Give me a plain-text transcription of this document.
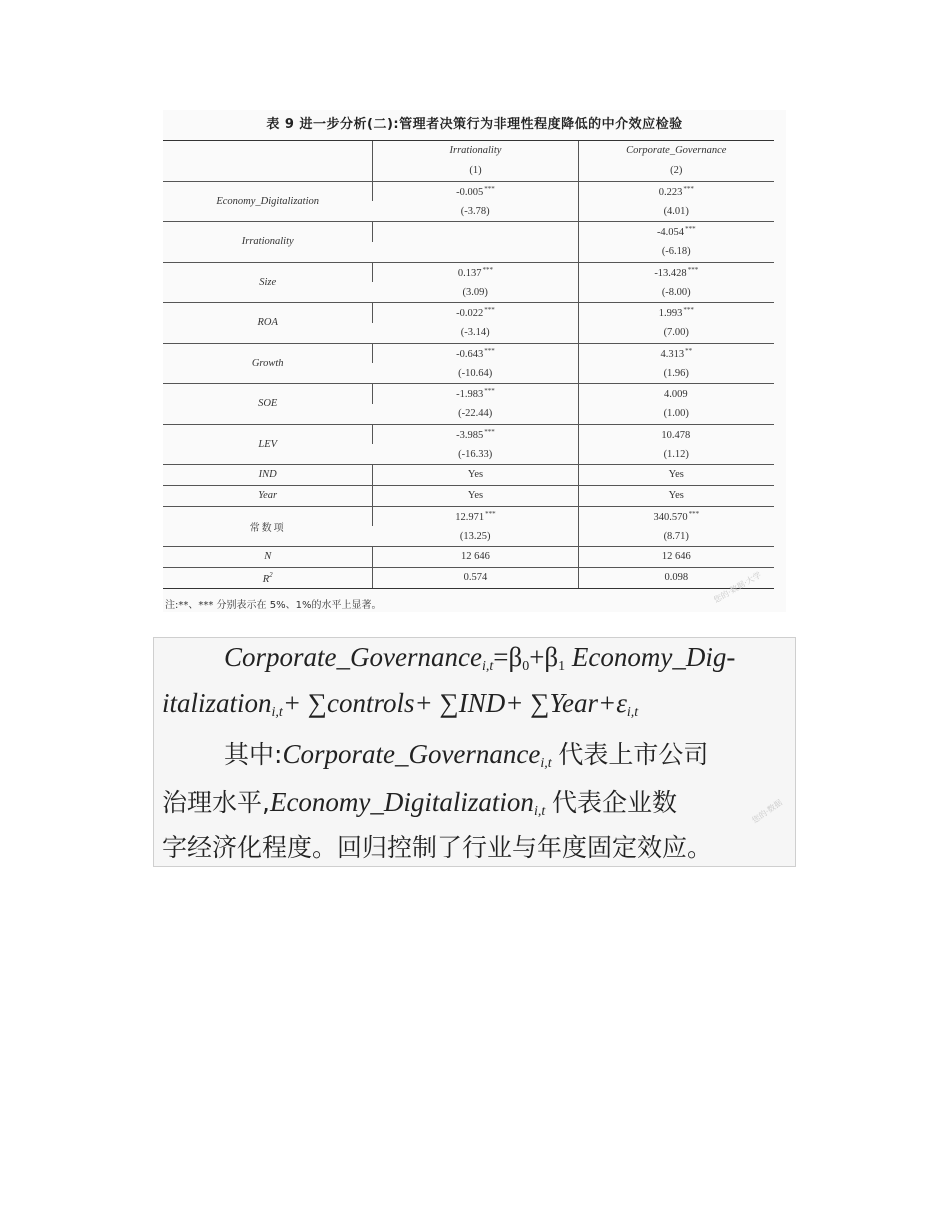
表 9 进一步分析(二):管理者决策行为非理性程度降低的中介效应检验
	Irrationality	Corporate_Governance
	(1)	(2)
Economy_Digitalization	-0.005***	0.223***
	(-3.78)	(4.01)
Irrationality		-4.054***
		(-6.18)
Size	0.137***	-13.428***
	(3.09)	(-8.00)
ROA	-0.022***	1.993***
	(-3.14)	(7.00)
Growth	-0.643***	4.313**
	(-10.64)	(1.96)
SOE	-1.983***	4.009
	(-22.44)	(1.00)
LEV	-3.985***	10.478
	(-16.33)	(1.12)
IND	Yes	Yes
Year	Yes	Yes
常数项	12.971***	340.570***
	(13.25)	(8.71)
N	12 646	12 646
$R^2$	0.574	0.098
注:**、*** 分别表示在 5%、1%的水平上显著。
您的·数据·大学
$Corporate\_Governance_{i,t}=\beta_0+\beta_1$ Economy_Dig-
italization$_{i,t}$+ ∑controls+ $\sum IND+ \sum Year+\varepsilon_{i,t}$
其中:Corporate_Governance$_{i,t}$ 代表上市公司
治理水平,Economy_Digitalization$_{i,t}$ 代表企业数
字经济化程度。回归控制了行业与年度固定效应。
您的·数据
